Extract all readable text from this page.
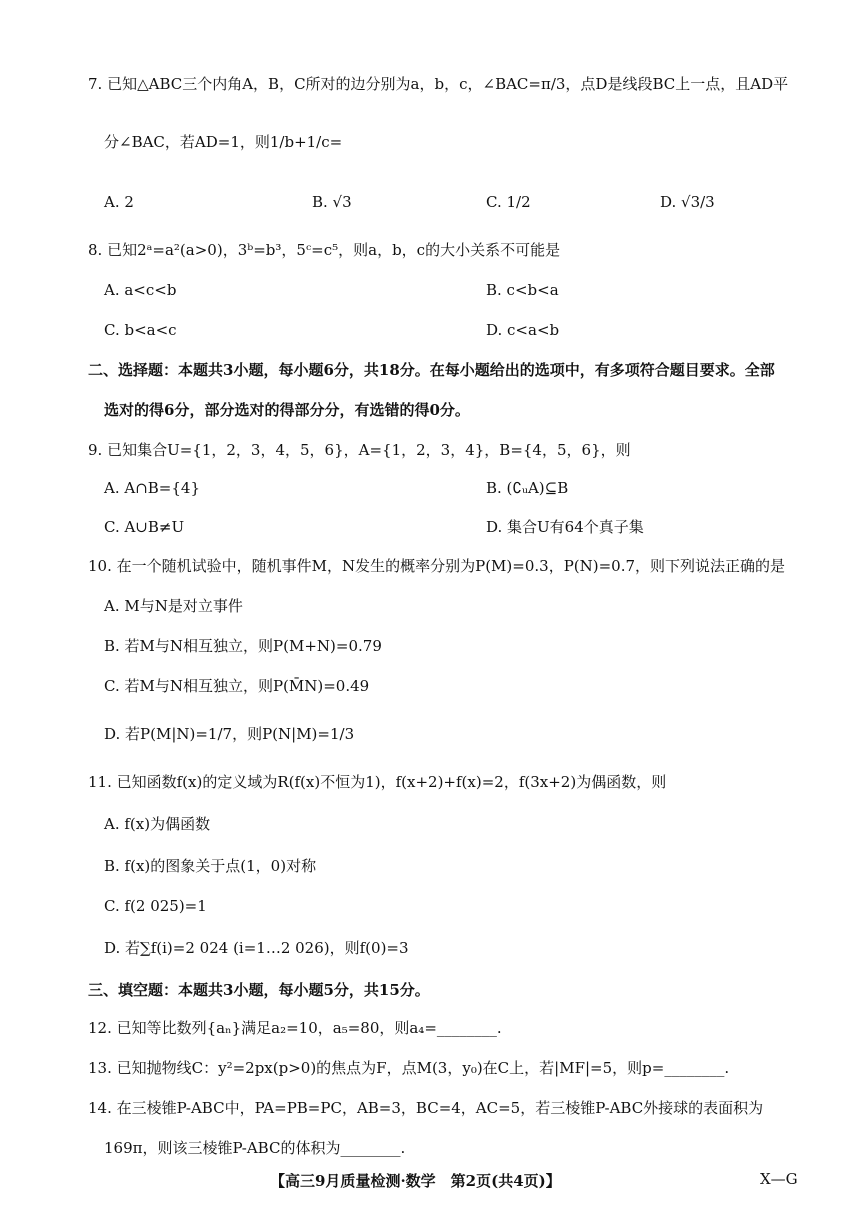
7. 已知△ABC三个内角A，B，C所对的边分别为a，b，c，∠BAC=π/3，点D是线段BC上一点，且AD平
分∠BAC，若AD=1，则1/b+1/c=
A. 2	B. √3	C. 1/2	D. √3/3
8. 已知2ᵃ=a²(a>0)，3ᵇ=b³，5ᶜ=c⁵，则a，b，c的大小关系不可能是
A. a<c<b	B. c<b<a
C. b<a<c	D. c<a<b
二、选择题：本题共3小题，每小题6分，共18分。在每小题给出的选项中，有多项符合题目要求。全部
选对的得6分，部分选对的得部分分，有选错的得0分。
9. 已知集合U={1，2，3，4，5，6}，A={1，2，3，4}，B={4，5，6}，则
A. A∩B={4}	B. (∁ᵤA)⊆B
C. A∪B≠U	D. 集合U有64个真子集
10. 在一个随机试验中，随机事件M，N发生的概率分别为P(M)=0.3，P(N)=0.7，则下列说法正确的是
A. M与N是对立事件
B. 若M与N相互独立，则P(M+N)=0.79
C. 若M与N相互独立，则P(M̄N)=0.49
D. 若P(M|N)=1/7，则P(N|M)=1/3
11. 已知函数f(x)的定义域为R(f(x)不恒为1)，f(x+2)+f(x)=2，f(3x+2)为偶函数，则
A. f(x)为偶函数
B. f(x)的图象关于点(1，0)对称
C. f(2 025)=1
D. 若∑f(i)=2 024 (i=1…2 026)，则f(0)=3
三、填空题：本题共3小题，每小题5分，共15分。
12. 已知等比数列{aₙ}满足a₂=10，a₅=80，则a₄=________.
13. 已知抛物线C：y²=2px(p>0)的焦点为F，点M(3，y₀)在C上，若|MF|=5，则p=________.
14. 在三棱锥P-ABC中，PA=PB=PC，AB=3，BC=4，AC=5，若三棱锥P-ABC外接球的表面积为
169π，则该三棱锥P-ABC的体积为________.
【高三9月质量检测·数学　第2页(共4页)】	X—G
